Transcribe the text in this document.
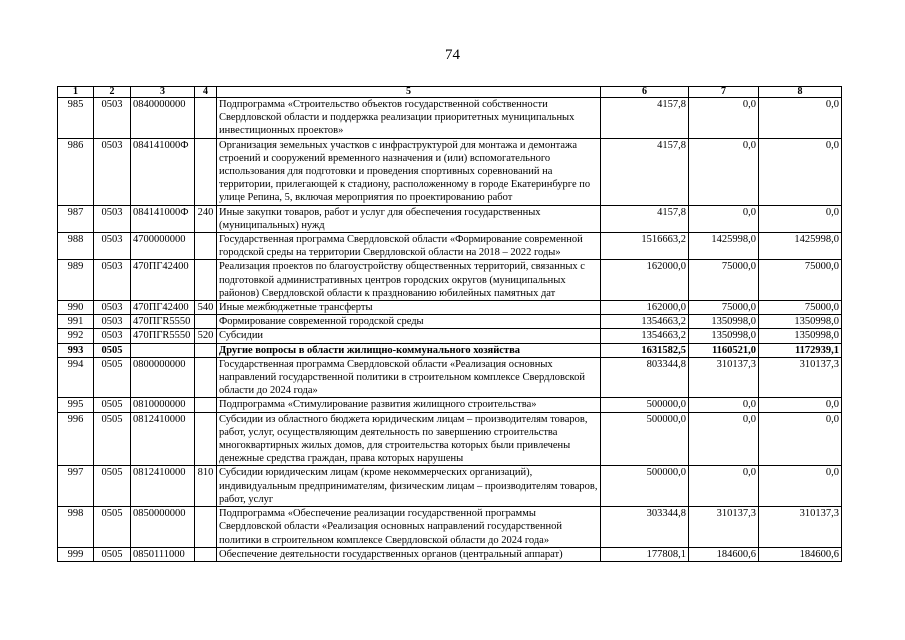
74
1	2	3	4	5	6	7	8
985	0503	0840000000		Подпрограмма «Строительство объектов государственной собственности Свердловской области и поддержка реализации приоритетных муниципальных инвестиционных проектов»	4157,8	0,0	0,0
986	0503	084141000Ф		Организация земельных участков с инфраструктурой для монтажа и демонтажа строений и сооружений временного назначения и (или) вспомогательного использования для подготовки и проведения спортивных соревнований на территории, прилегающей к стадиону, расположенному в городе Екатеринбурге по улице Репина, 5, включая мероприятия по проектированию работ	4157,8	0,0	0,0
987	0503	084141000Ф	240	Иные закупки товаров, работ и услуг для обеспечения государственных (муниципальных) нужд	4157,8	0,0	0,0
988	0503	4700000000		Государственная программа Свердловской области «Формирование современной городской среды на территории Свердловской области на 2018 – 2022 годы»	1516663,2	1425998,0	1425998,0
989	0503	470ПГ42400		Реализация проектов по благоустройству общественных территорий, связанных с подготовкой административных центров городских округов (муниципальных районов) Свердловской области к празднованию юбилейных памятных дат	162000,0	75000,0	75000,0
990	0503	470ПГ42400	540	Иные межбюджетные трансферты	162000,0	75000,0	75000,0
991	0503	470ПГR5550		Формирование современной городской среды	1354663,2	1350998,0	1350998,0
992	0503	470ПГR5550	520	Субсидии	1354663,2	1350998,0	1350998,0
993	0505			Другие вопросы в области жилищно-коммунального хозяйства	1631582,5	1160521,0	1172939,1
994	0505	0800000000		Государственная программа Свердловской области «Реализация основных направлений государственной политики в строительном комплексе Свердловской области до 2024 года»	803344,8	310137,3	310137,3
995	0505	0810000000		Подпрограмма «Стимулирование развития жилищного строительства»	500000,0	0,0	0,0
996	0505	0812410000		Субсидии из областного бюджета юридическим лицам – производителям товаров, работ, услуг, осуществляющим деятельность по завершению строительства многоквартирных жилых домов, для строительства которых были привлечены денежные средства граждан, права которых нарушены	500000,0	0,0	0,0
997	0505	0812410000	810	Субсидии юридическим лицам (кроме некоммерческих организаций), индивидуальным предпринимателям, физическим лицам – производителям товаров, работ, услуг	500000,0	0,0	0,0
998	0505	0850000000		Подпрограмма «Обеспечение реализации государственной программы Свердловской области «Реализация основных направлений государственной политики в строительном комплексе Свердловской области до 2024 года»	303344,8	310137,3	310137,3
999	0505	0850111000		Обеспечение деятельности государственных органов (центральный аппарат)	177808,1	184600,6	184600,6
